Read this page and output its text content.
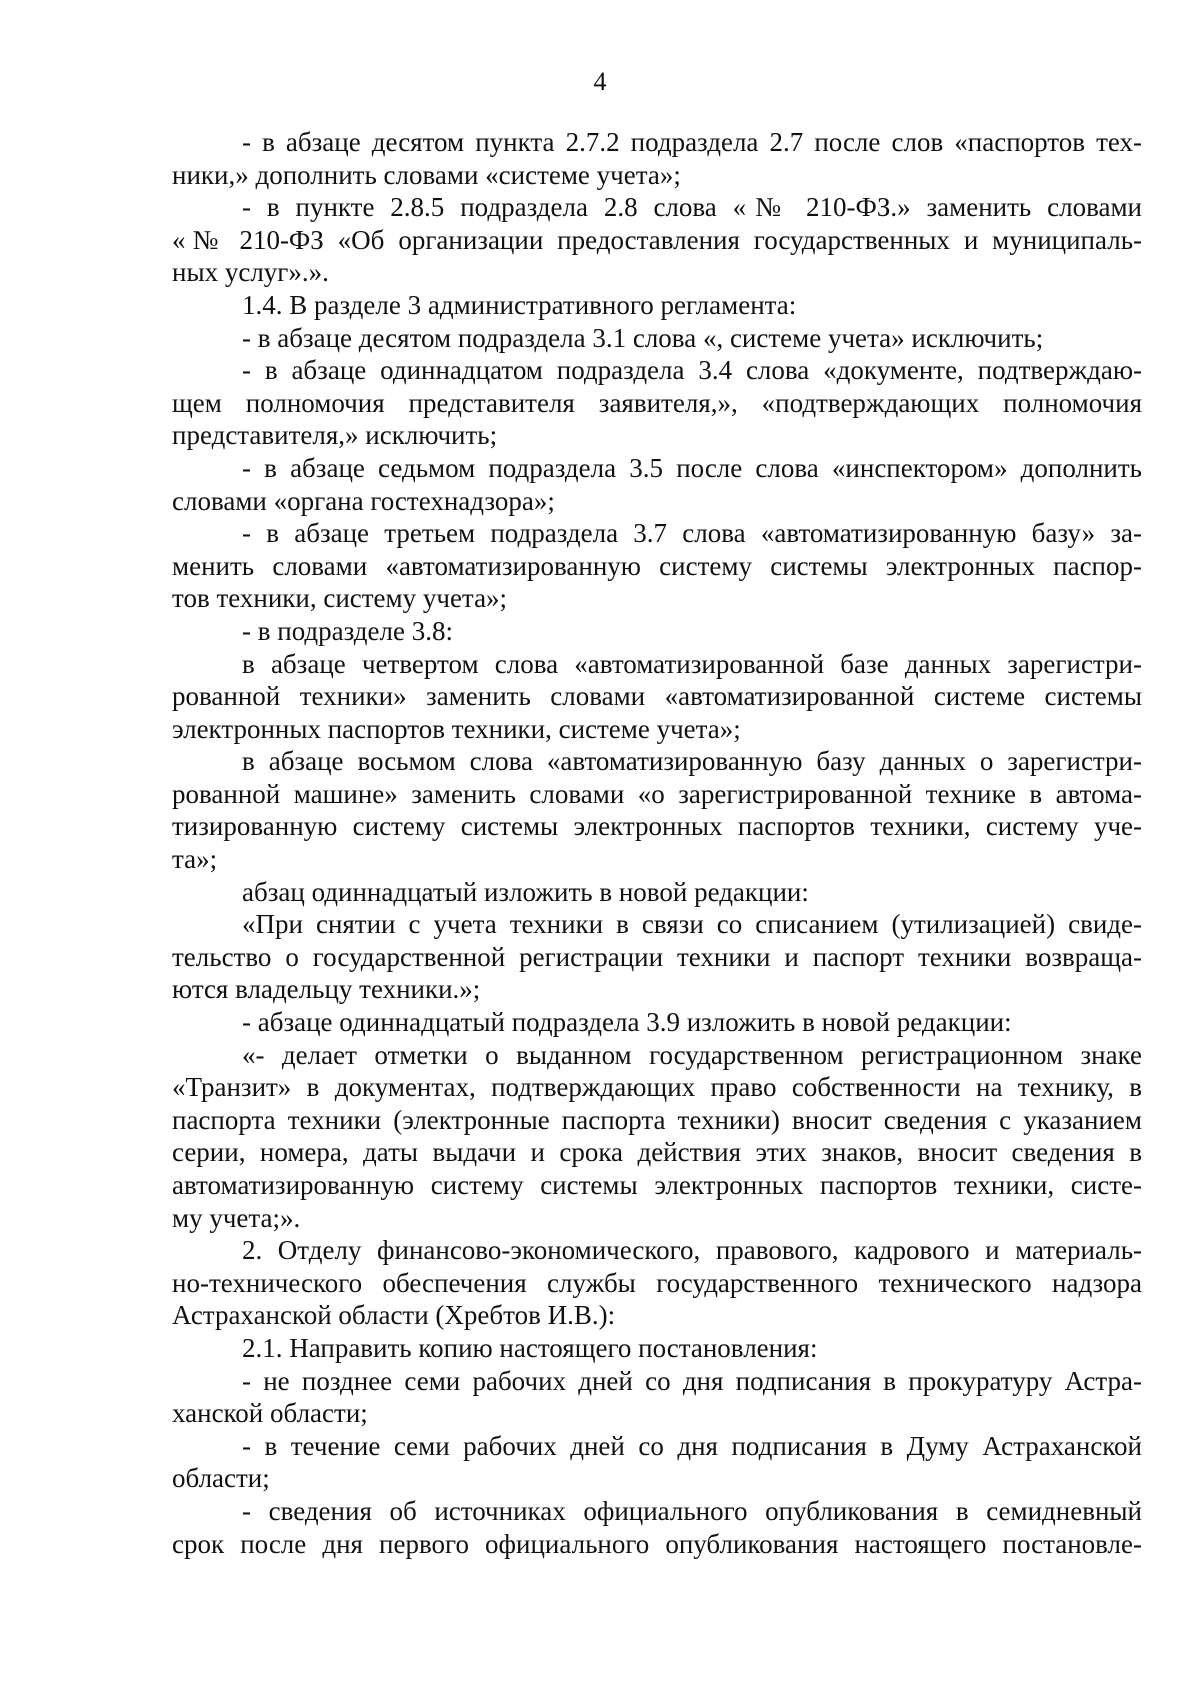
4
- в абзаце десятом пункта 2.7.2 подраздела 2.7 после слов «паспортов тех-
ники,» дополнить словами «системе учета»;
- в пункте 2.8.5 подраздела 2.8 слова «№ 210-ФЗ.» заменить словами
«№ 210-ФЗ «Об организации предоставления государственных и муниципаль-
ных услуг».».
1.4. В разделе 3 административного регламента:
- в абзаце десятом подраздела 3.1 слова «, системе учета» исключить;
- в абзаце одиннадцатом подраздела 3.4 слова «документе, подтверждаю-
щем полномочия представителя заявителя,», «подтверждающих полномочия
представителя,» исключить;
- в абзаце седьмом подраздела 3.5 после слова «инспектором» дополнить
словами «органа гостехнадзора»;
- в абзаце третьем подраздела 3.7 слова «автоматизированную базу» за-
менить словами «автоматизированную систему системы электронных паспор-
тов техники, систему учета»;
- в подразделе 3.8:
в абзаце четвертом слова «автоматизированной базе данных зарегистри-
рованной техники» заменить словами «автоматизированной системе системы
электронных паспортов техники, системе учета»;
в абзаце восьмом слова «автоматизированную базу данных о зарегистри-
рованной машине» заменить словами «о зарегистрированной технике в автома-
тизированную систему системы электронных паспортов техники, систему уче-
та»;
абзац одиннадцатый изложить в новой редакции:
«При снятии с учета техники в связи со списанием (утилизацией) свиде-
тельство о государственной регистрации техники и паспорт техники возвраща-
ются владельцу техники.»;
- абзаце одиннадцатый подраздела 3.9 изложить в новой редакции:
«- делает отметки о выданном государственном регистрационном знаке
«Транзит» в документах, подтверждающих право собственности на технику, в
паспорта техники (электронные паспорта техники) вносит сведения с указанием
серии, номера, даты выдачи и срока действия этих знаков, вносит сведения в
автоматизированную систему системы электронных паспортов техники, систе-
му учета;».
2. Отделу финансово-экономического, правового, кадрового и материаль-
но-технического обеспечения службы государственного технического надзора
Астраханской области (Хребтов И.В.):
2.1. Направить копию настоящего постановления:
- не позднее семи рабочих дней со дня подписания в прокуратуру Астра-
ханской области;
- в течение семи рабочих дней со дня подписания в Думу Астраханской
области;
- сведения об источниках официального опубликования в семидневный
срок после дня первого официального опубликования настоящего постановле-
